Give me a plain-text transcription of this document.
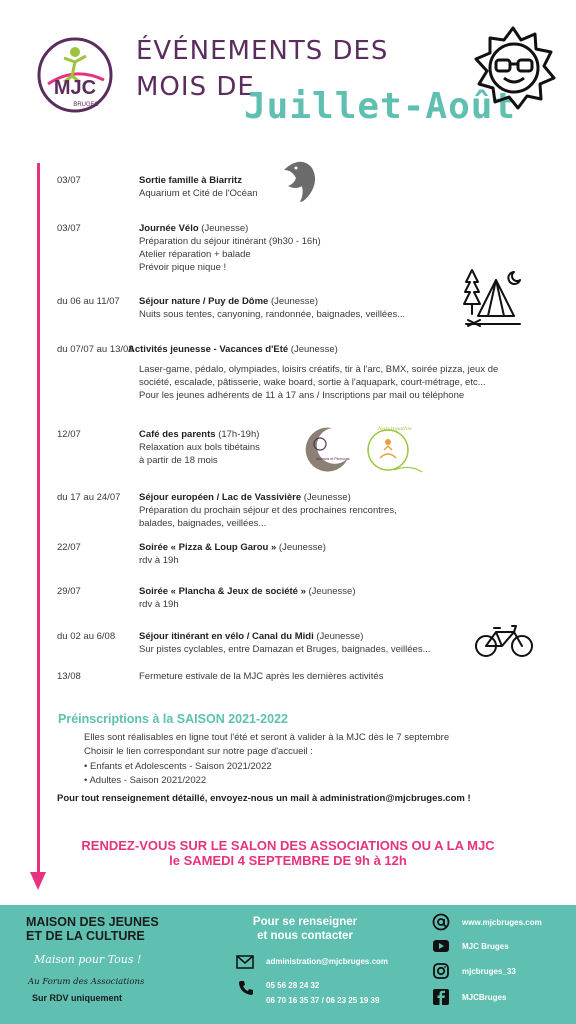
MJC
BRUGES
ÉVÉNEMENTS DES
MOIS DE
Juillet-Août
03/07	Sortie famille à Biarritz
Aquarium et Cité de l'Océan
03/07	Journée Vélo (Jeunesse)
Préparation du séjour itinérant (9h30 - 16h)
Atelier réparation + balade
Prévoir pique nique !
du 06 au 11/07 Séjour nature / Puy de Dôme (Jeunesse)
Nuits sous tentes, canyoning, randonnée, baignades, veillées...
du 07/07 au 13/08
Activités jeunesse - Vacances d'Eté (Jeunesse)
Laser-game, pédalo, olympiades, loisirs créatifs, tir à l'arc, BMX, soirée pizza, jeux de
société, escalade, pâtisserie, wake board, sortie à l'aquapark, court-métrage, etc...
Pour les jeunes adhérents de 11 à 17 ans / Inscriptions par mail ou téléphone
12/07	Café des parents (17h-19h)
Relaxation aux bols tibétains
à partir de 18 mois	Mamans et Pitchouns
Naturopathie
du 17 au 24/07 Séjour européen / Lac de Vassivière (Jeunesse)
Préparation du prochain séjour et des prochaines rencontres,
balades, baignades, veillées...
22/07	Soirée « Pizza & Loup Garou » (Jeunesse)
rdv à 19h
29/07	Soirée « Plancha & Jeux de société » (Jeunesse)
rdv à 19h
du 02 au 6/08	Séjour itinérant en vélo / Canal du Midi (Jeunesse)
Sur pistes cyclables, entre Damazan et Bruges, baignades, veillées...
13/08	Fermeture estivale de la MJC après les dernières activités
Préinscriptions à la SAISON 2021-2022
Elles sont réalisables en ligne tout l'été et seront à valider à la MJC dès le 7 septembre
Choisir le lien correspondant sur notre page d'accueil :
• Enfants et Adolescents - Saison 2021/2022
• Adultes - Saison 2021/2022
Pour tout renseignement détaillé, envoyez-nous un mail à administration@mjcbruges.com !
RENDEZ-VOUS SUR LE SALON DES ASSOCIATIONS OU A LA MJC
le SAMEDI 4 SEPTEMBRE DE 9h à 12h
MAISON DES JEUNES
ET DE LA CULTURE
Maison pour Tous !
Au Forum des Associations
Sur RDV uniquement
Pour se renseigner
et nous contacter
administration@mjcbruges.com
05 56 28 24 32
06 70 16 35 37 / 06 23 25 19 39
www.mjcbruges.com
MJC Bruges
mjcbruges_33
MJCBruges
